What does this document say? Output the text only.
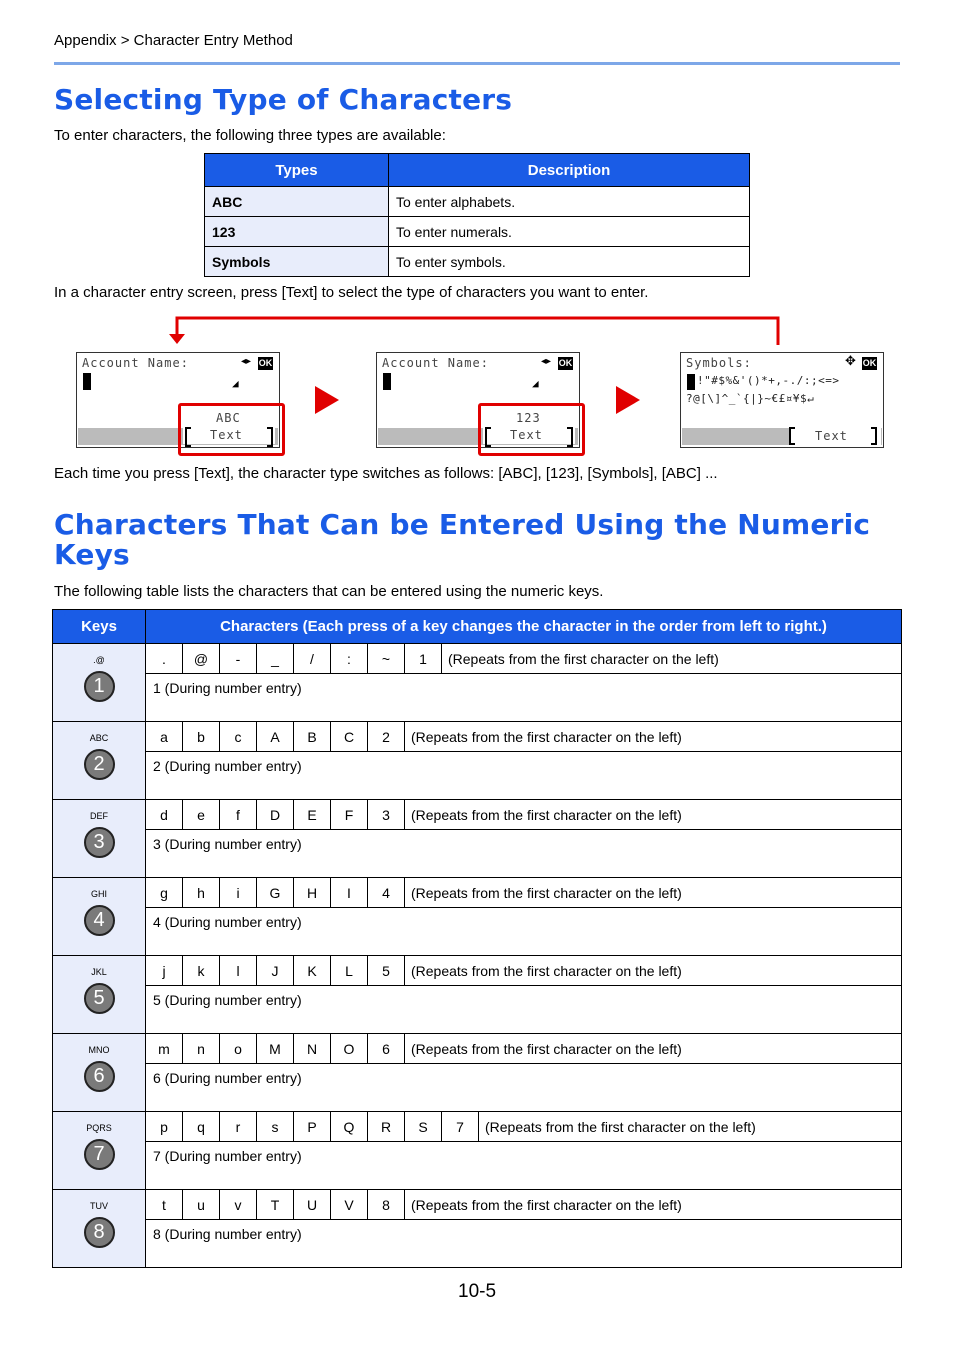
Appendix > Character Entry Method
Selecting Type of Characters
To enter characters, the following three types are available:
Types	Description
ABC	To enter alphabets.
123	To enter numerals.
Symbols	To enter symbols.
In a character entry screen, press [Text] to select the type of characters you want to enter.
Account Name:	◂▸ OK
◢
ABC
Text
Account Name:	◂▸ OK
◢
123
Text
Symbols:	✥ OK
!"#$%&'()*+,-./:;<=>
?@[\]^_`{|}~€£¤¥$↵
Text
Each time you press [Text], the character type switches as follows: [ABC], [123], [Symbols], [ABC] ...
Characters That Can be Entered Using the Numeric
Keys
The following table lists the characters that can be entered using the numeric keys.
Keys	Characters (Each press of a key changes the character in the order from left to right.)									

.@
1	.	@	-	_	/	:	~	1	(Repeats from the first character on the left)	
	1 (During number entry)									

ABC
2	a	b	c	A	B	C	2	(Repeats from the first character on the left)		
	2 (During number entry)									

DEF
3	d	e	f	D	E	F	3	(Repeats from the first character on the left)		
	3 (During number entry)									

GHI
4	g	h	i	G	H	I	4	(Repeats from the first character on the left)		
	4 (During number entry)									

JKL
5	j	k	l	J	K	L	5	(Repeats from the first character on the left)		
	5 (During number entry)									

MNO
6	m	n	o	M	N	O	6	(Repeats from the first character on the left)		
	6 (During number entry)									

PQRS
7	p	q	r	s	P	Q	R	S	7	(Repeats from the first character on the left)
	7 (During number entry)									

TUV
8	t	u	v	T	U	V	8	(Repeats from the first character on the left)		
	8 (During number entry)									
10-5
